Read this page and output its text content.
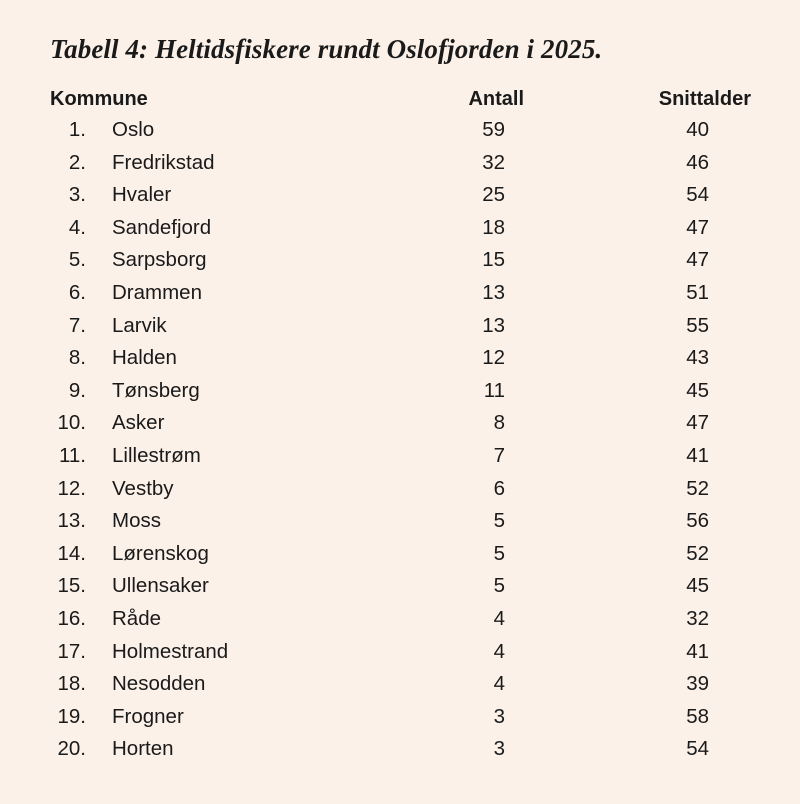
Tabell 4: Heltidsfiskere rundt Oslofjorden i 2025.
Kommune	Antall	Snittalder
1. Oslo	59	40
2. Fredrikstad	32	46
3. Hvaler	25	54
4. Sandefjord	18	47
5. Sarpsborg	15	47
6. Drammen	13	51
7. Larvik	13	55
8. Halden	12	43
9. Tønsberg	11	45
10. Asker	8	47
11. Lillestrøm	7	41
12. Vestby	6	52
13. Moss	5	56
14. Lørenskog	5	52
15. Ullensaker	5	45
16. Råde	4	32
17. Holmestrand	4	41
18. Nesodden	4	39
19. Frogner	3	58
20. Horten	3	54
